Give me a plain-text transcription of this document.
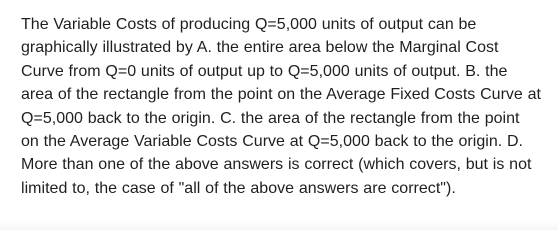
The Variable Costs of producing Q=5,000 units of output can be graphically illustrated by A. the entire area below the Marginal Cost Curve from Q=0 units of output up to Q=5,000 units of output. B. the area of the rectangle from the point on the Average Fixed Costs Curve at Q=5,000 back to the origin. C. the area of the rectangle from the point on the Average Variable Costs Curve at Q=5,000 back to the origin. D. More than one of the above answers is correct (which covers, but is not limited to, the case of "all of the above answers are correct").
